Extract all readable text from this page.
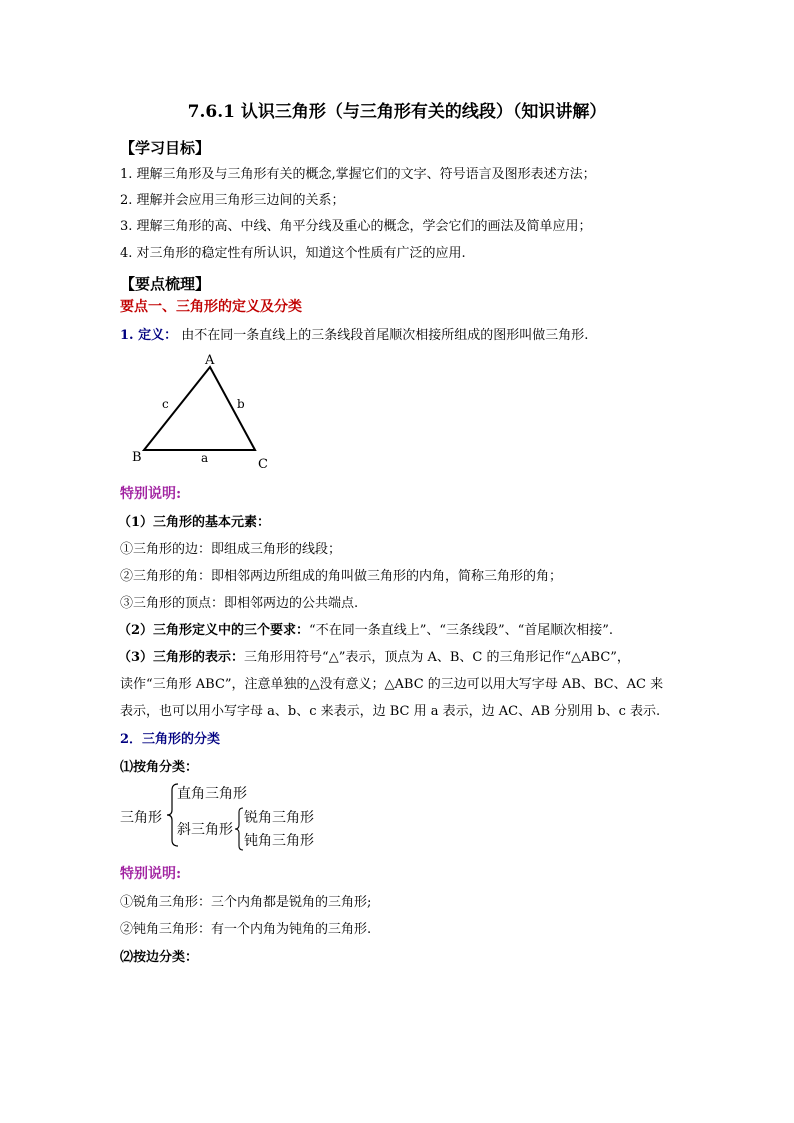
7.6.1 认识三角形（与三角形有关的线段）（知识讲解）
【学习目标】
1. 理解三角形及与三角形有关的概念,掌握它们的文字、符号语言及图形表述方法；
2. 理解并会应用三角形三边间的关系；
3. 理解三角形的高、中线、角平分线及重心的概念，学会它们的画法及简单应用；
4. 对三角形的稳定性有所认识，知道这个性质有广泛的应用.
【要点梳理】
要点一、三角形的定义及分类
1. 定义： 由不在同一条直线上的三条线段首尾顺次相接所组成的图形叫做三角形.
A
B	C
c	b
a
特别说明:
（1）三角形的基本元素：
①三角形的边：即组成三角形的线段；
②三角形的角：即相邻两边所组成的角叫做三角形的内角，简称三角形的角；
③三角形的顶点：即相邻两边的公共端点.
（2）三角形定义中的三个要求：“不在同一条直线上”、“三条线段”、“首尾顺次相接”.
（3）三角形的表示：三角形用符号“△”表示，顶点为 A、B、C 的三角形记作“△ABC”，
读作“三角形 ABC”，注意单独的△没有意义；△ABC 的三边可以用大写字母 AB、BC、AC 来
表示，也可以用小写字母 a、b、c 来表示，边 BC 用 a 表示，边 AC、AB 分别用 b、c 表示.
2．三角形的分类
⑴按角分类：
三角形
直角三角形
斜三角形
锐角三角形
钝角三角形
特别说明:
①锐角三角形：三个内角都是锐角的三角形;
②钝角三角形：有一个内角为钝角的三角形.
⑵按边分类：
